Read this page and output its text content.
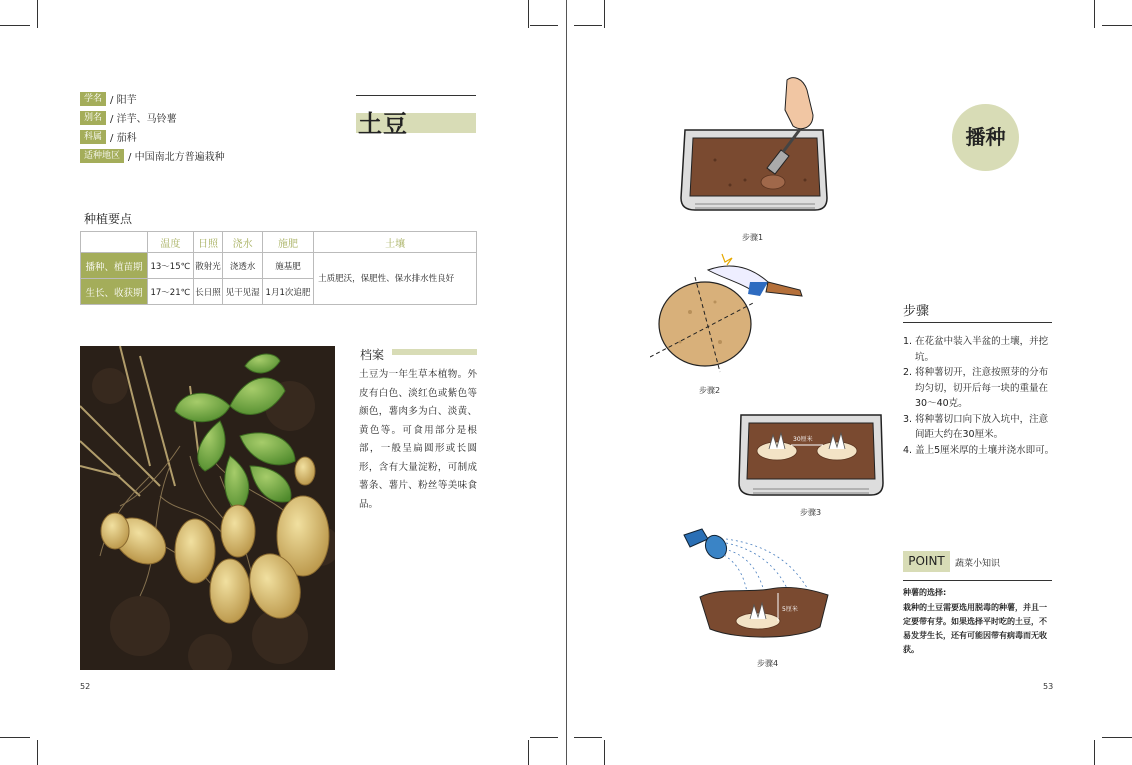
学名 / 阳芋
别名 / 洋芋、马铃薯
科属 / 茄科
适种地区 / 中国南北方普遍栽种
土豆
种植要点
	温度	日照	浇水	施肥	土壤
播种、植苗期	13～15℃	散射光	浇透水	施基肥	土质肥沃，保肥性、保水排水性良好
生长、收获期	17～21℃	长日照	见干见湿	1月1次追肥	
档案
土豆为一年生草本植物。外皮有白色、淡红色或紫色等颜色，薯肉多为白、淡黄、黄色等。可食用部分是根部，一般呈扁圆形或长圆形，含有大量淀粉，可制成薯条、薯片、粉丝等美味食品。
52
播种
步骤1
步骤2
30厘米
步骤3
5厘米
步骤4
步骤
1. 在花盆中装入半盆的土壤，并挖坑。
2. 将种薯切开，注意按照芽的分布均匀切，切开后每一块的重量在30～40克。
3. 将种薯切口向下放入坑中，注意间距大约在30厘米。
4. 盖上5厘米厚的土壤并浇水即可。
POINT	蔬菜小知识
种薯的选择:
栽种的土豆需要选用脱毒的种薯，并且一定要带有芽。如果选择平时吃的土豆，不易发芽生长，还有可能因带有病毒而无收获。
53
